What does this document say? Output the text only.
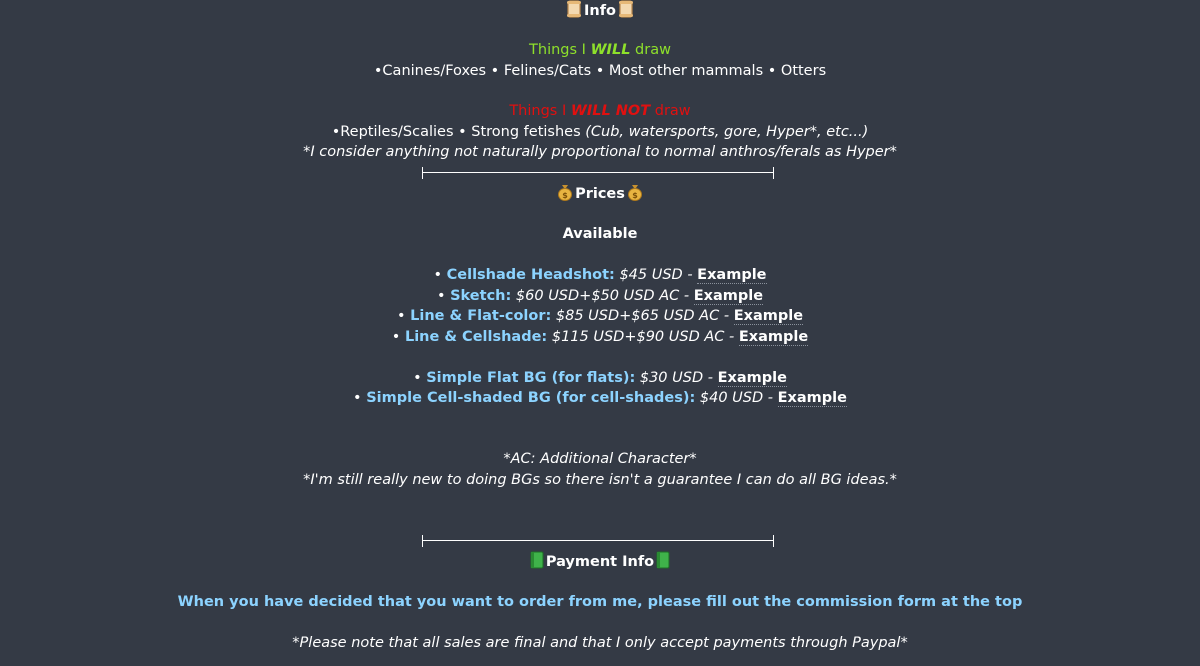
Info
Things I WILL draw
•Canines/Foxes • Felines/Cats • Most other mammals • Otters
Things I WILL NOT draw
•Reptiles/Scalies • Strong fetishes (Cub, watersports, gore, Hyper*, etc...)
*I consider anything not naturally proportional to normal anthros/ferals as Hyper*
$ Prices $
Available
• Cellshade Headshot: $45 USD - Example
• Sketch: $60 USD+$50 USD AC - Example
• Line & Flat-color: $85 USD+$65 USD AC - Example
• Line & Cellshade: $115 USD+$90 USD AC - Example
• Simple Flat BG (for flats): $30 USD - Example
• Simple Cell-shaded BG (for cell-shades): $40 USD - Example
*AC: Additional Character*
*I'm still really new to doing BGs so there isn't a guarantee I can do all BG ideas.*
Payment Info
When you have decided that you want to order from me, please fill out the commission form at the top
*Please note that all sales are final and that I only accept payments through Paypal*
